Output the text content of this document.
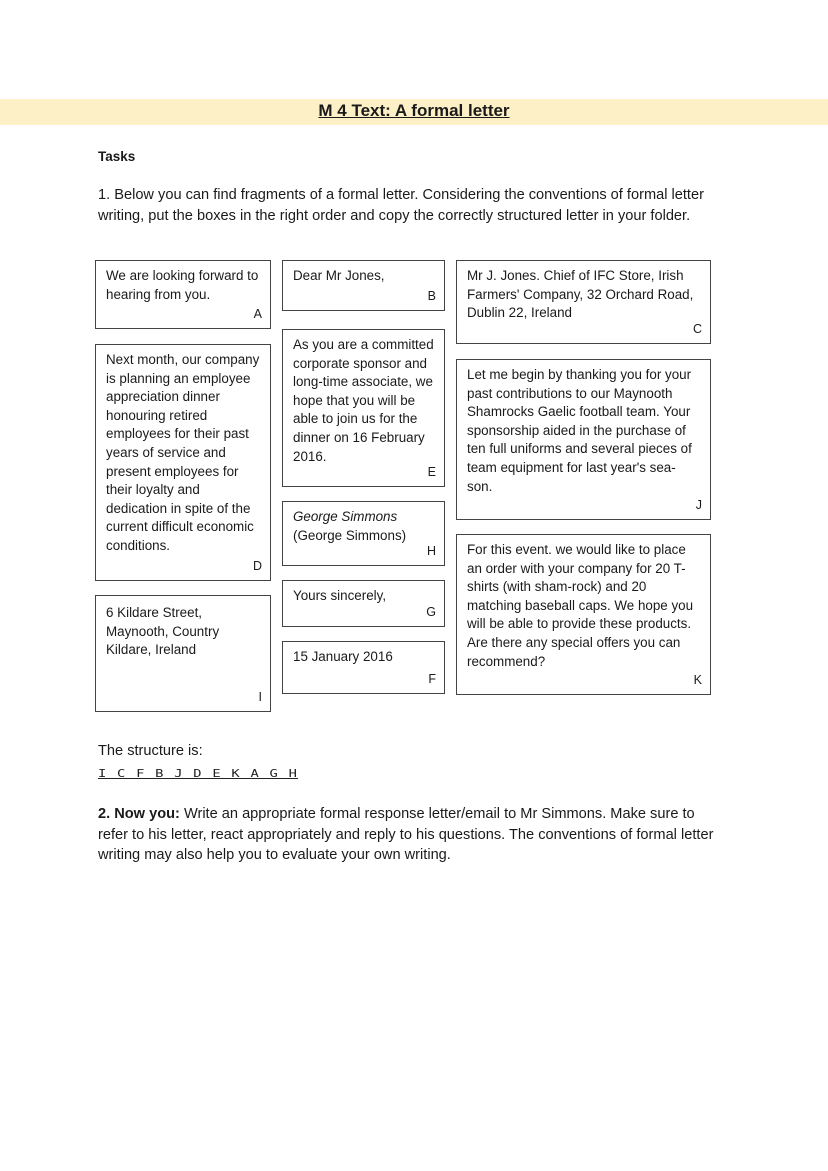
M 4 Text: A formal letter
Tasks
1. Below you can find fragments of a formal letter. Considering the conventions of formal letter writing, put the boxes in the right order and copy the correctly structured letter in your folder.
We are looking forward to hearing from you.
A
Next month, our company is planning an employee appreciation dinner honouring retired employees for their past years of service and present employees for their loyalty and dedication in spite of the current difficult economic conditions.
D
6 Kildare Street, Maynooth, Country Kildare, Ireland
I
Dear Mr Jones,
B
As you are a committed corporate sponsor and long-time associate, we hope that you will be able to join us for the dinner on 16 February 2016.
E
George Simmons
(George Simmons)
H
Yours sincerely,
G
15 January 2016
F
Mr J. Jones. Chief of IFC Store, Irish Farmers' Company, 32 Orchard Road, Dublin 22, Ireland
C
Let me begin by thanking you for your past contributions to our Maynooth Shamrocks Gaelic football team. Your sponsorship aided in the purchase of ten full uniforms and several pieces of team equipment for last year's sea-son.
J
For this event. we would like to place an order with your company for 20 T-shirts (with sham-rock) and 20 matching baseball caps. We hope you will be able to provide these products. Are there any special offers you can recommend?
K
The structure is:
I C F B J D E K A G H
2. Now you: Write an appropriate formal response letter/email to Mr Simmons. Make sure to refer to his letter, react appropriately and reply to his questions. The conventions of formal letter writing may also help you to evaluate your own writing.
